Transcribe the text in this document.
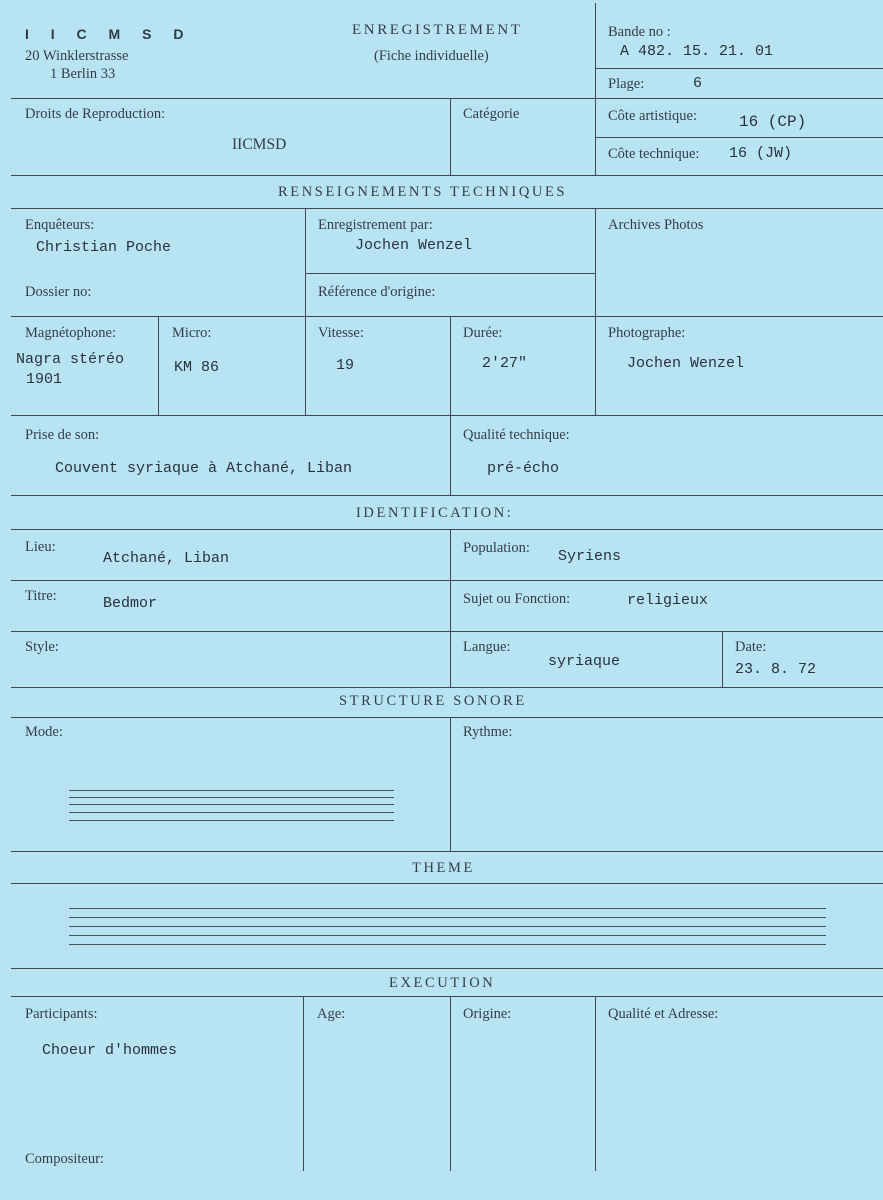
I I C M S D
20 Winklerstrasse
1 Berlin 33
ENREGISTREMENT
(Fiche individuelle)
Bande no :
A 482. 15. 21. 01
Plage:	6
Droits de Reproduction:
IICMSD
Catégorie	Côte artistique:	16 (CP)
Côte technique: 16 (JW)
RENSEIGNEMENTS TECHNIQUES
Enquêteurs:
Christian Poche
Enregistrement par:
Jochen Wenzel
Archives Photos
Dossier no:	Référence d'origine:
Magnétophone:
Nagra stéréo
1901
Micro:
KM 86
Vitesse:
19
Durée:
2'27"
Photographe:
Jochen Wenzel
Prise de son:
Couvent syriaque à Atchané, Liban
Qualité technique:
pré-écho
IDENTIFICATION:
Lieu:
Atchané, Liban
Population: Syriens
Titre:	Bedmor	Sujet ou Fonction:	religieux
Style:	Langue:
syriaque
Date:
23. 8. 72
STRUCTURE SONORE
Mode:	Rythme:
THEME
EXECUTION
Participants:
Choeur d'hommes
Age:	Origine:	Qualité et Adresse:
Compositeur:
